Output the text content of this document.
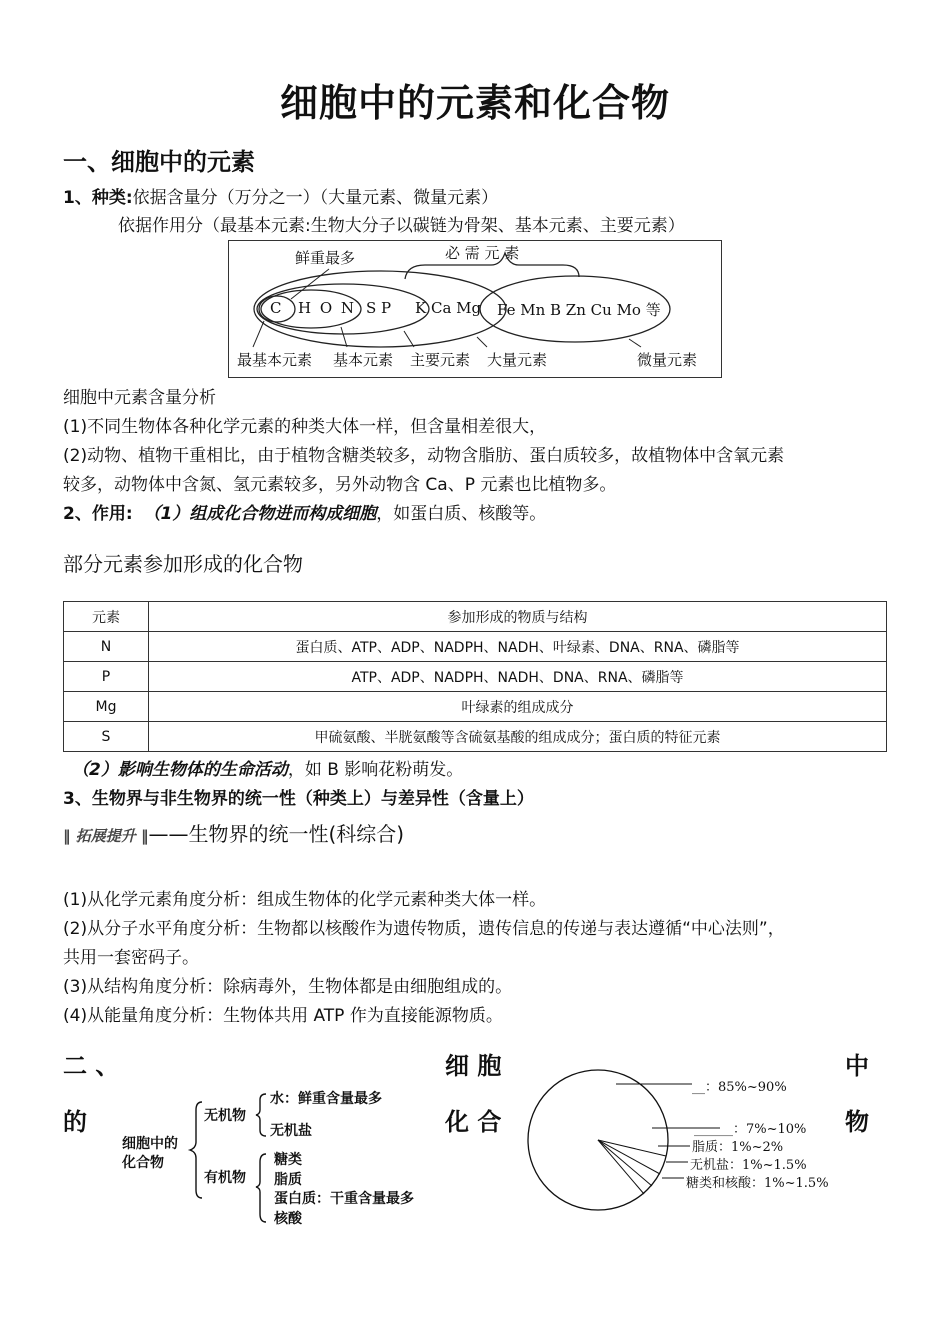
细胞中的元素和化合物
一、细胞中的元素
1、种类:依据含量分（万分之一）（大量元素、微量元素）
依据作用分（最基本元素:生物大分子以碳链为骨架、基本元素、主要元素）
鲜重最多	必 需 元 素
C H O N S P K Ca Mg Fe Mn B Zn Cu Mo 等
最基本元素 基本元素 主要元素 大量元素	微量元素
细胞中元素含量分析
(1)不同生物体各种化学元素的种类大体一样，但含量相差很大，
(2)动物、植物干重相比，由于植物含糖类较多，动物含脂肪、蛋白质较多，故植物体中含氧元素
较多，动物体中含氮、氢元素较多，另外动物含 Ca、P 元素也比植物多。
2、作用: （1）组成化合物进而构成细胞，如蛋白质、核酸等。
部分元素参加形成的化合物
元素	参加形成的物质与结构
N	蛋白质、ATP、ADP、NADPH、NADH、叶绿素、DNA、RNA、磷脂等
P	ATP、ADP、NADPH、NADH、DNA、RNA、磷脂等
Mg	叶绿素的组成成分
S	甲硫氨酸、半胱氨酸等含硫氨基酸的组成成分；蛋白质的特征元素
（2）影响生物体的生命活动，如 B 影响花粉萌发。
3、生物界与非生物界的统一性（种类上）与差异性（含量上）
‖ 拓展提升 ‖——生物界的统一性(科综合)
(1)从化学元素角度分析：组成生物体的化学元素种类大体一样。
(2)从分子水平角度分析：生物都以核酸作为遗传物质，遗传信息的传递与表达遵循“中心法则”，
共用一套密码子。
(3)从结构角度分析：除病毒外，生物体都是由细胞组成的。
(4)从能量角度分析：生物体共用 ATP 作为直接能源物质。
二 、	细 胞	中
的	化 合	物
细胞中的
化合物
无机物
水：鲜重含量最多
无机盐
有机物
糖类
脂质
蛋白质：干重含量最多
核酸
__：85%~90%
______：7%~10%
脂质：1%~2%
无机盐：1%~1.5%
糖类和核酸：1%~1.5%
